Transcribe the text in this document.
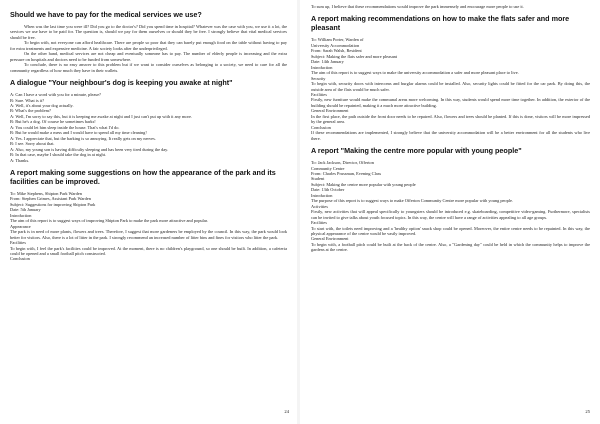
Should we have to pay for the medical services we use?

When was the last time you were ill? Did you go to the doctor's? Did you spend time in hospital? Whatever was the case with you, we use it a lot, the services we use have to be paid for. The question is, should we pay for them ourselves or should they be free. I strongly believe that vital medical services should be free.

To begin with, not everyone can afford healthcare. There are people so poor that they can barely put enough food on the table without having to pay for extra treatments and expensive medicine. A fair society looks after the underprivileged.

On the other hand, medical services are not cheap and eventually someone has to pay. The number of elderly people is increasing and the extra pressure on hospitals and doctors need to be funded from somewhere.

To conclude, there is no easy answer to this problem but if we want to consider ourselves as belonging to a society, we need to care for all the community regardless of how much they have in their wallets.

A dialogue "Your neighbour's dog is keeping you awake at night"

A: Can I have a word with you for a minute, please?

B: Sure. What is it?

A: Well, it's about your dog actually.

B: What's the problem?

A: Well, I'm sorry to say this, but it is keeping me awake at night and I just can't put up with it any more.

B: But he's a dog. Of course he sometimes barks!

A: You could let him sleep inside the house. That's what I'd do.

B: But he would make a mess and I would have to spend all my time cleaning!

A: Yes. I appreciate that, but the barking is so annoying. It really gets on my nerves.

B: I see. Sorry about that.

A: Also, my young son is having difficulty sleeping and has been very tired during the day.

B: In that case, maybe I should take the dog in at night.

A: Thanks.

A report making some suggestions on how the appearance of the park and its facilities can be improved.

To: Mike Stephens, Shipton Park Warden

From: Stephen Grimes, Assistant Park Warden

Subject: Suggestions for improving Shipton Park

Date: 5th January

Introduction

The aim of this report is to suggest ways of improving Shipton Park to make the park more attractive and popular.

Appearance

The park is in need of more plants, flowers and trees. Therefore, I suggest that more gardeners be employed by the council. In this way, the park would look better for visitors. Also, there is a lot of litter in the park. I strongly recommend an increased number of litter bins and fines for visitors who litter the park.

Facilities

To begin with, I feel the park's facilities could be improved. At the moment, there is no children's playground, so one should be built. In addition, a cafeteria could be opened and a small football pitch constructed.

Conclusion

24

To sum up, I believe that these recommendations would improve the park immensely and encourage more people to use it.

A report making recommendations on how to make the flats safer and more pleasant

To: William Porter, Warden of

University Accommodation

From: Sarah Walsh, Resident

Subject: Making the flats safer and more pleasant

Date: 14th January

Introduction

The aim of this report is to suggest ways to make the university accommodation a safer and more pleasant place to live.

Security

To begin with, security doors with intercoms and burglar alarms could be installed. Also, security lights could be fitted for the car park. By doing this, the outside area of the flats would be much safer.

Facilities

Firstly, new furniture would make the communal areas more welcoming. In this way, students would spend more time together. In addition, the exterior of the building should be repainted, making it a much more attractive building.

General Environment

In the first place, the path outside the front door needs to be repaired. Also, flowers and trees should be planted. If this is done, visitors will be more impressed by the general area.

Conclusion

If these recommendations are implemented, I strongly believe that the university accommodation will be a better environment for all the students who live there.

A report "Making the centre more popular with young people"

To: Jack Jackson, Director, Offerton

Community Centre

From: Charles Prussman, Evening Class

Student

Subject: Making the centre more popular with young people

Date: 13th October

Introduction

The purpose of this report is to suggest ways to make Offerton Community Centre more popular with young people.

Activities

Firstly, new activities that will appeal specifically to youngsters should be introduced e.g. skateboarding, competitive video-gaming. Furthermore, specialists can be invited to give talks about youth focused topics. In this way, the centre will have a range of activities appealing to all age groups.

Facilities

To start with, the toilets need improving and a 'healthy option' snack shop could be opened. Moreover, the entire centre needs to be repainted. In this way, the physical appearance of the centre would be vastly improved.

General Environment

To begin with, a football pitch could be built at the back of the centre. Also, a "Gardening day" could be held in which the community helps to improve the gardens at the centre.

25
